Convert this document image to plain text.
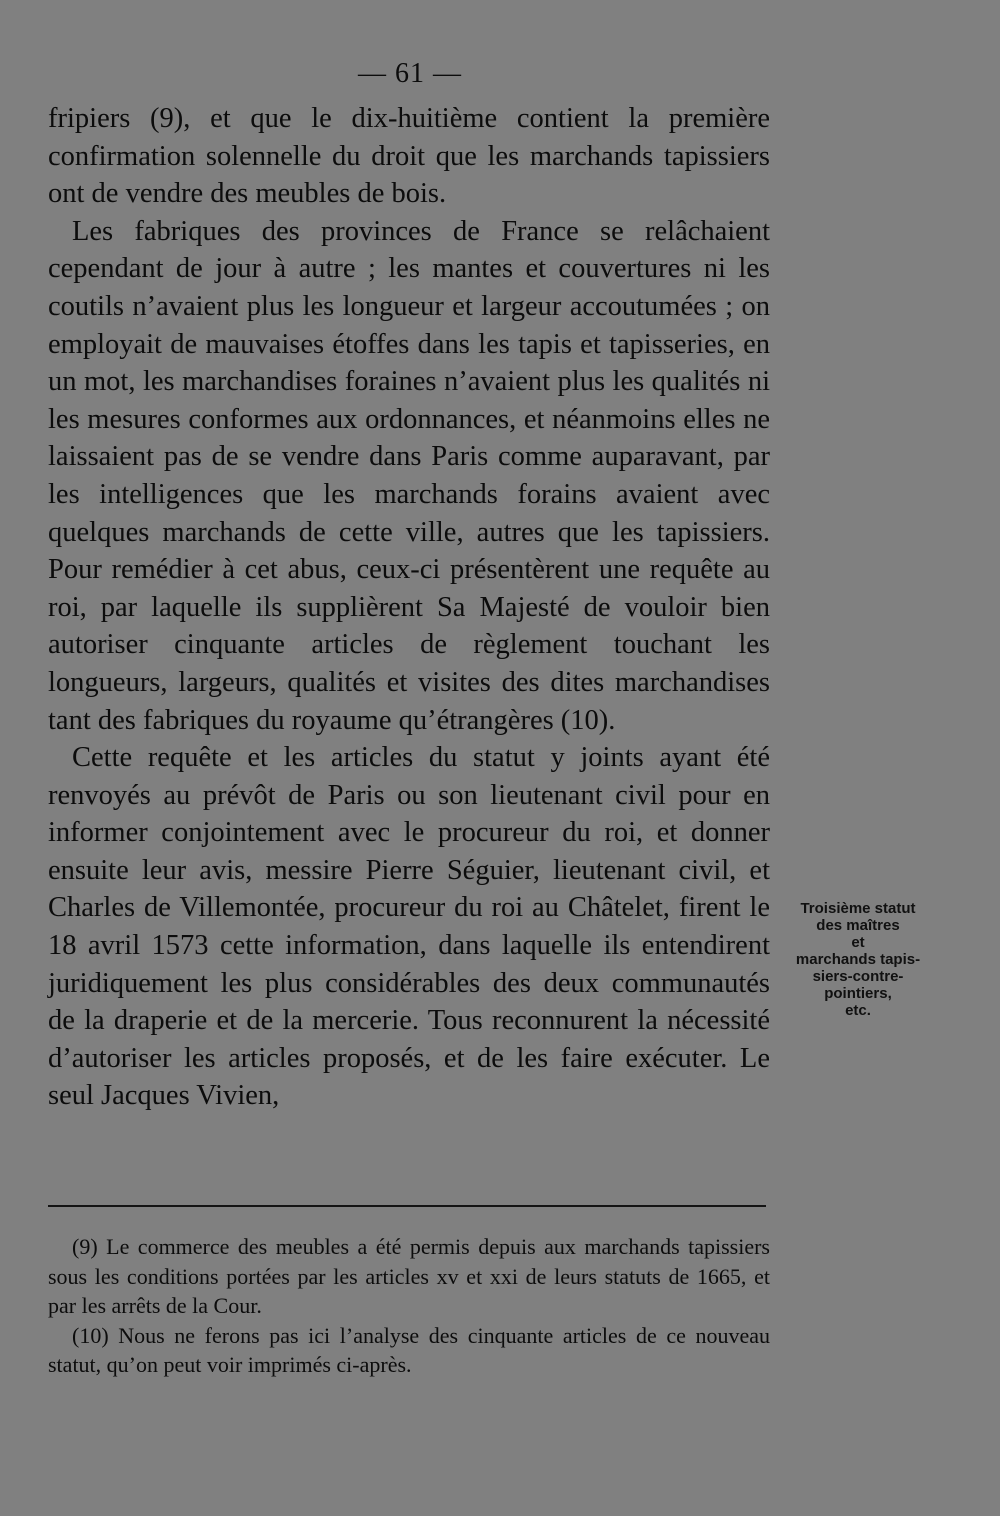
— 61 —

fripiers (9), et que le dix-huitième contient la première confirmation solennelle du droit que les marchands tapissiers ont de vendre des meubles de bois.

Les fabriques des provinces de France se relâchaient cependant de jour à autre ; les mantes et couvertures ni les coutils n’avaient plus les longueur et largeur accoutumées ; on employait de mauvaises étoffes dans les tapis et tapisseries, en un mot, les marchandises foraines n’avaient plus les qualités ni les mesures conformes aux ordonnances, et néanmoins elles ne laissaient pas de se vendre dans Paris comme auparavant, par les intelligences que les marchands forains avaient avec quelques marchands de cette ville, autres que les tapissiers. Pour remédier à cet abus, ceux-ci présentèrent une requête au roi, par laquelle ils supplièrent Sa Majesté de vouloir bien autoriser cinquante articles de règlement touchant les longueurs, largeurs, qualités et visites des dites marchandises tant des fabriques du royaume qu’étrangères (10).

Cette requête et les articles du statut y joints ayant été renvoyés au prévôt de Paris ou son lieutenant civil pour en informer conjointement avec le procureur du roi, et donner ensuite leur avis, messire Pierre Séguier, lieutenant civil, et Charles de Villemontée, procureur du roi au Châtelet, firent le 18 avril 1573 cette information, dans laquelle ils entendirent juridiquement les plus considérables des deux communautés de la draperie et de la mercerie. Tous reconnurent la nécessité d’autoriser les articles proposés, et de les faire exécuter. Le seul Jacques Vivien,

Troisième statut
des maîtres
et
marchands tapis-
siers-contre-
pointiers,
etc.

(9) Le commerce des meubles a été permis depuis aux marchands tapissiers sous les conditions portées par les articles xv et xxi de leurs statuts de 1665, et par les arrêts de la Cour.

(10) Nous ne ferons pas ici l’analyse des cinquante articles de ce nouveau statut, qu’on peut voir imprimés ci-après.
